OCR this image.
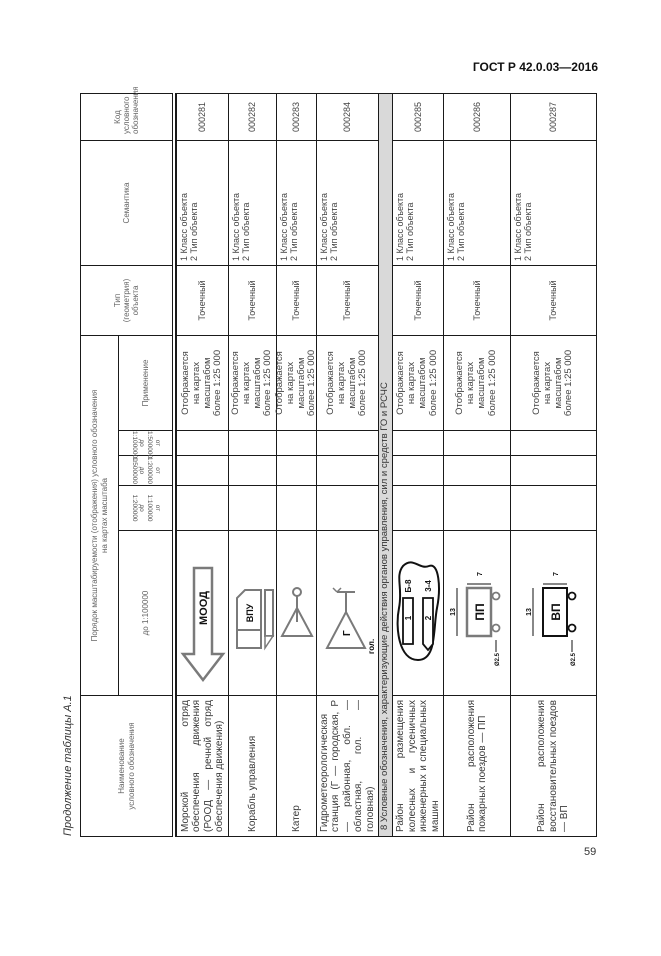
ГОСТ Р 42.0.03—2016
Продолжение таблицы А.1
59
Наименование условного обозначения
Порядок масштабируемости (отображения) условного обозначения на картах масштаба
до 1:100000
от 1:100000 до 1:200000
от 1:200000 до 1:500000
от 1:500000 до 1:1000000
Применение
Тип (геометрия) объекта
Семантика
Код условного обозначения
Морской отряд обеспечения движения (РООД — речной отряд обеспечения движения)
МООД
Отображается на картах масштабом более 1:25 000
Точечный
1 Класс объекта 2 Тип объекта
000281
Корабль управления
ВПУ
Отображается на картах масштабом более 1:25 000
Точечный
1 Класс объекта 2 Тип объекта
000282
Катер
Отображается на картах масштабом более 1:25 000
Точечный
1 Класс объекта 2 Тип объекта
000283
Гидрометеорологическая станция (Г — городская, Р — районная, обл. — областная, гол. — головная)
Г
гол.
Отображается на картах масштабом более 1:25 000
Точечный
1 Класс объекта 2 Тип объекта
000284
8 Условные обозначения, характеризующие действия органов управления, сил и средств ГО и РСЧС Район размещения колесных и гусеничных инженерных и специальных машин
1 2
Б-8 3-4
Отображается на картах масштабом более 1:25 000
Точечный
1 Класс объекта 2 Тип объекта
000285
Район расположения пожарных поездов — ПП
ПП
13
7
Ø2.5
Отображается на картах масштабом более 1:25 000
Точечный
1 Класс объекта 2 Тип объекта
000286
Район расположения восстановительных поездов — ВП
ВП
13
7
Ø2.5
Отображается на картах масштабом более 1:25 000
Точечный
1 Класс объекта 2 Тип объекта
000287
